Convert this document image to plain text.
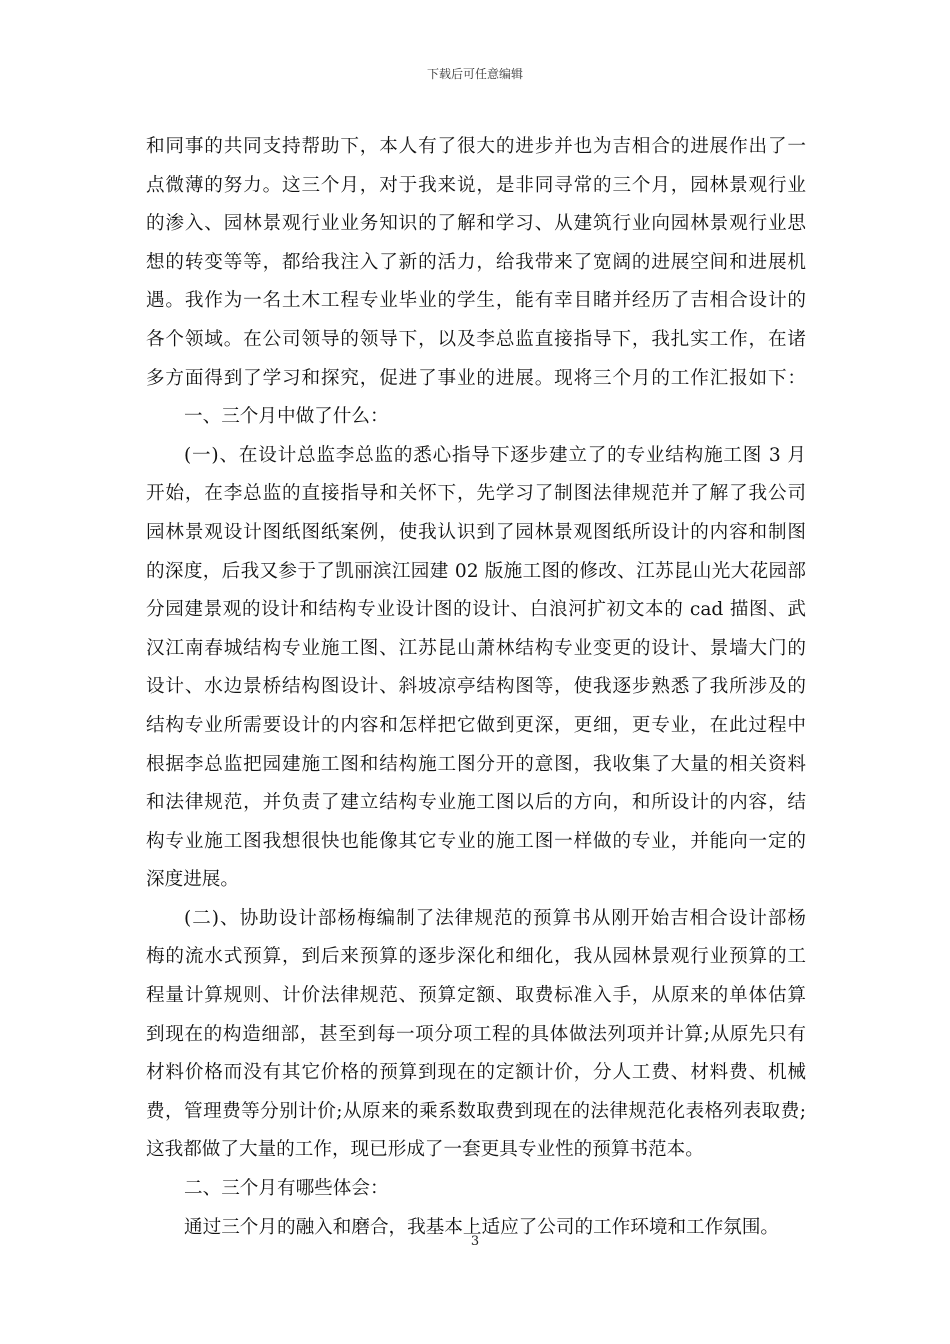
下载后可任意编辑
和同事的共同支持帮助下，本人有了很大的进步并也为吉相合的进展作出了一
点微薄的努力。这三个月，对于我来说，是非同寻常的三个月，园林景观行业
的渗入、园林景观行业业务知识的了解和学习、从建筑行业向园林景观行业思
想的转变等等，都给我注入了新的活力，给我带来了宽阔的进展空间和进展机
遇。我作为一名土木工程专业毕业的学生，能有幸目睹并经历了吉相合设计的
各个领域。在公司领导的领导下，以及李总监直接指导下，我扎实工作，在诸
多方面得到了学习和探究，促进了事业的进展。现将三个月的工作汇报如下：
一、三个月中做了什么：
(一)、在设计总监李总监的悉心指导下逐步建立了的专业结构施工图 3 月
开始，在李总监的直接指导和关怀下，先学习了制图法律规范并了解了我公司
园林景观设计图纸图纸案例，使我认识到了园林景观图纸所设计的内容和制图
的深度，后我又参于了凯丽滨江园建 02 版施工图的修改、江苏昆山光大花园部
分园建景观的设计和结构专业设计图的设计、白浪河扩初文本的 cad 描图、武
汉江南春城结构专业施工图、江苏昆山萧林结构专业变更的设计、景墙大门的
设计、水边景桥结构图设计、斜坡凉亭结构图等，使我逐步熟悉了我所涉及的
结构专业所需要设计的内容和怎样把它做到更深，更细，更专业，在此过程中
根据李总监把园建施工图和结构施工图分开的意图，我收集了大量的相关资料
和法律规范，并负责了建立结构专业施工图以后的方向，和所设计的内容，结
构专业施工图我想很快也能像其它专业的施工图一样做的专业，并能向一定的
深度进展。
(二)、协助设计部杨梅编制了法律规范的预算书从刚开始吉相合设计部杨
梅的流水式预算，到后来预算的逐步深化和细化，我从园林景观行业预算的工
程量计算规则、计价法律规范、预算定额、取费标准入手，从原来的单体估算
到现在的构造细部，甚至到每一项分项工程的具体做法列项并计算;从原先只有
材料价格而没有其它价格的预算到现在的定额计价，分人工费、材料费、机械
费，管理费等分别计价;从原来的乘系数取费到现在的法律规范化表格列表取费;
这我都做了大量的工作，现已形成了一套更具专业性的预算书范本。
二、三个月有哪些体会：
通过三个月的融入和磨合，我基本上适应了公司的工作环境和工作氛围。
3
